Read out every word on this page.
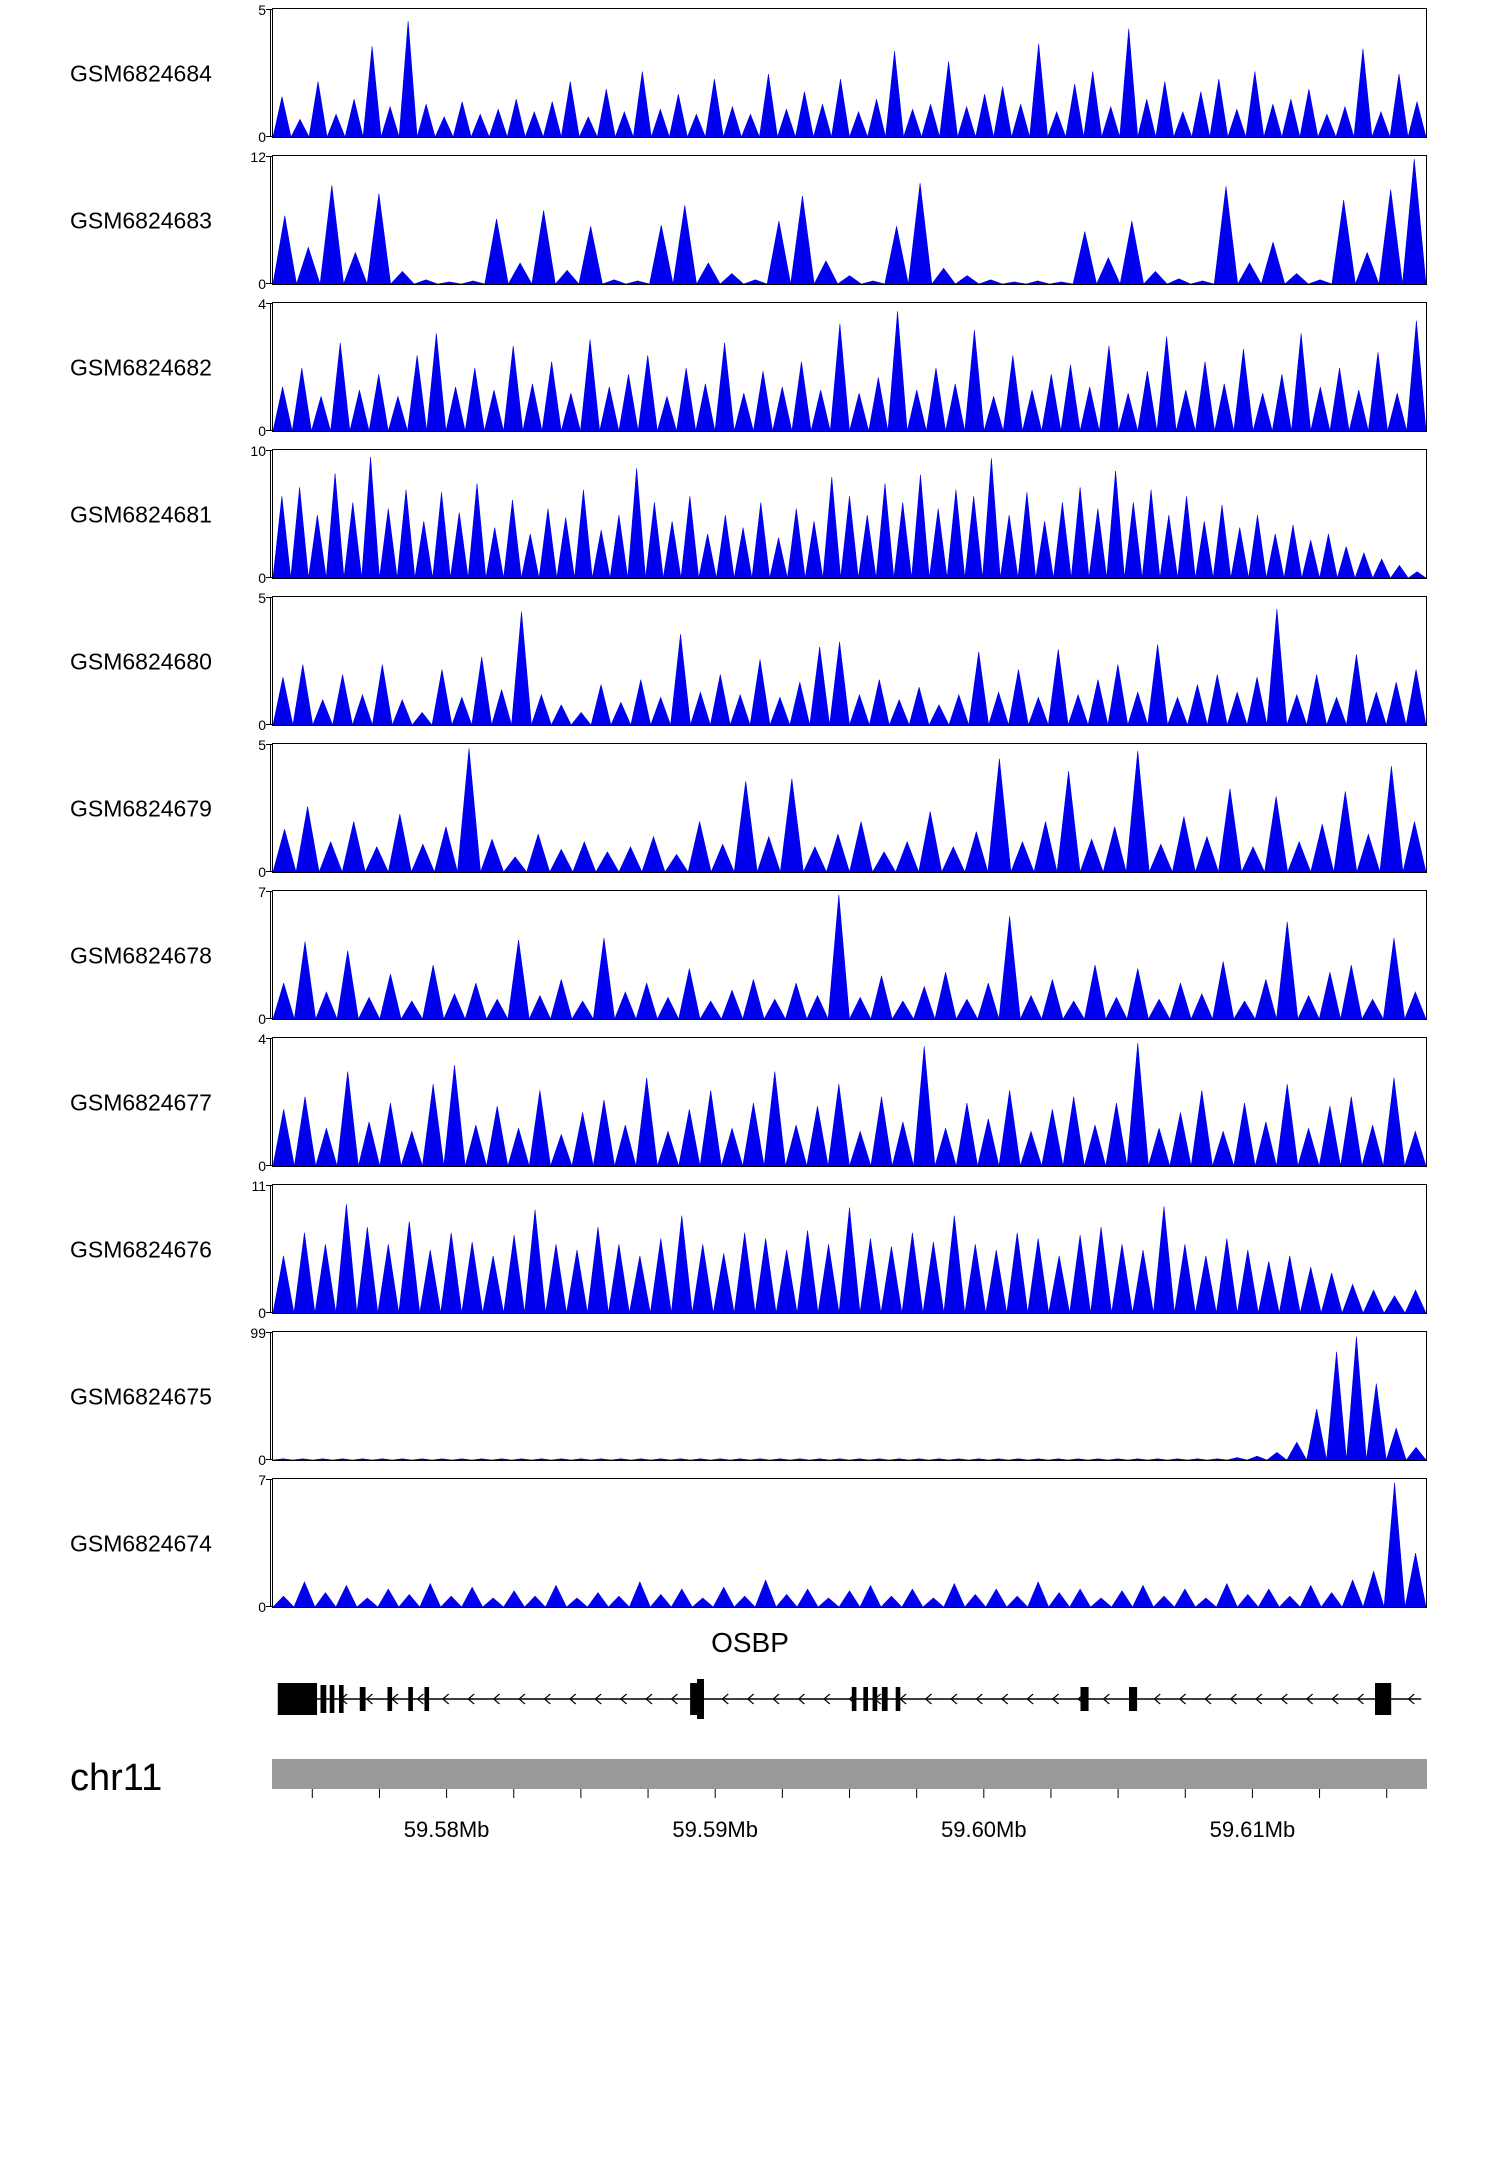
GSM6824684
5
0
GSM6824683
12
0
GSM6824682
4
0
GSM6824681
10
0
GSM6824680
5
0
GSM6824679
5
0
GSM6824678
7
0
GSM6824677
4
0
GSM6824676
11
0
GSM6824675
99
0
GSM6824674
7
0
OSBP
chr11
59.58Mb	59.59Mb	59.60Mb	59.61Mb
